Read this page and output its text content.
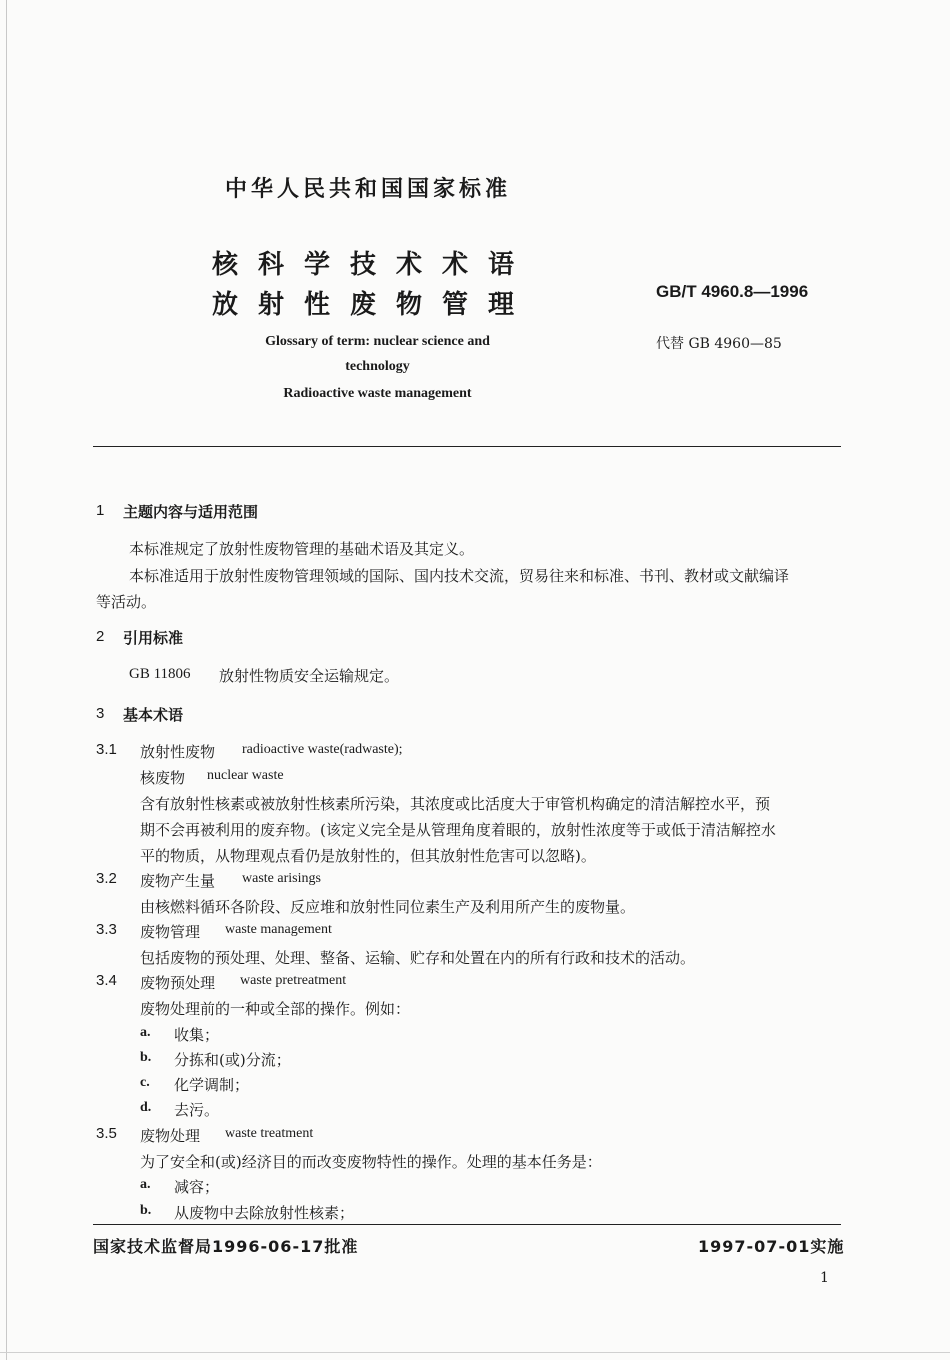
中华人民共和国国家标准
核科学技术术语
放射性废物管理	GB/T 4960.8—1996
代替 GB 4960—85
Glossary of term: nuclear science and
technology
Radioactive waste management
1 主题内容与适用范围
本标准规定了放射性废物管理的基础术语及其定义。
本标准适用于放射性废物管理领域的国际、国内技术交流，贸易往来和标准、书刊、教材或文献编译
等活动。
2 引用标准
GB 11806 放射性物质安全运输规定。
3 基本术语
3.1 放射性废物 radioactive waste(radwaste);
核废物 nuclear waste
含有放射性核素或被放射性核素所污染，其浓度或比活度大于审管机构确定的清洁解控水平，预
期不会再被利用的废弃物。(该定义完全是从管理角度着眼的，放射性浓度等于或低于清洁解控水
平的物质，从物理观点看仍是放射性的，但其放射性危害可以忽略)。
3.2 废物产生量 waste arisings
由核燃料循环各阶段、反应堆和放射性同位素生产及利用所产生的废物量。
3.3 废物管理 waste management
包括废物的预处理、处理、整备、运输、贮存和处置在内的所有行政和技术的活动。
3.4 废物预处理 waste pretreatment
废物处理前的一种或全部的操作。例如：
a. 收集；
b. 分拣和(或)分流；
c. 化学调制；
d. 去污。
3.5 废物处理 waste treatment
为了安全和(或)经济目的而改变废物特性的操作。处理的基本任务是：
a. 减容；
b. 从废物中去除放射性核素；
国家技术监督局1996-06-17批准	1997-07-01实施
1
